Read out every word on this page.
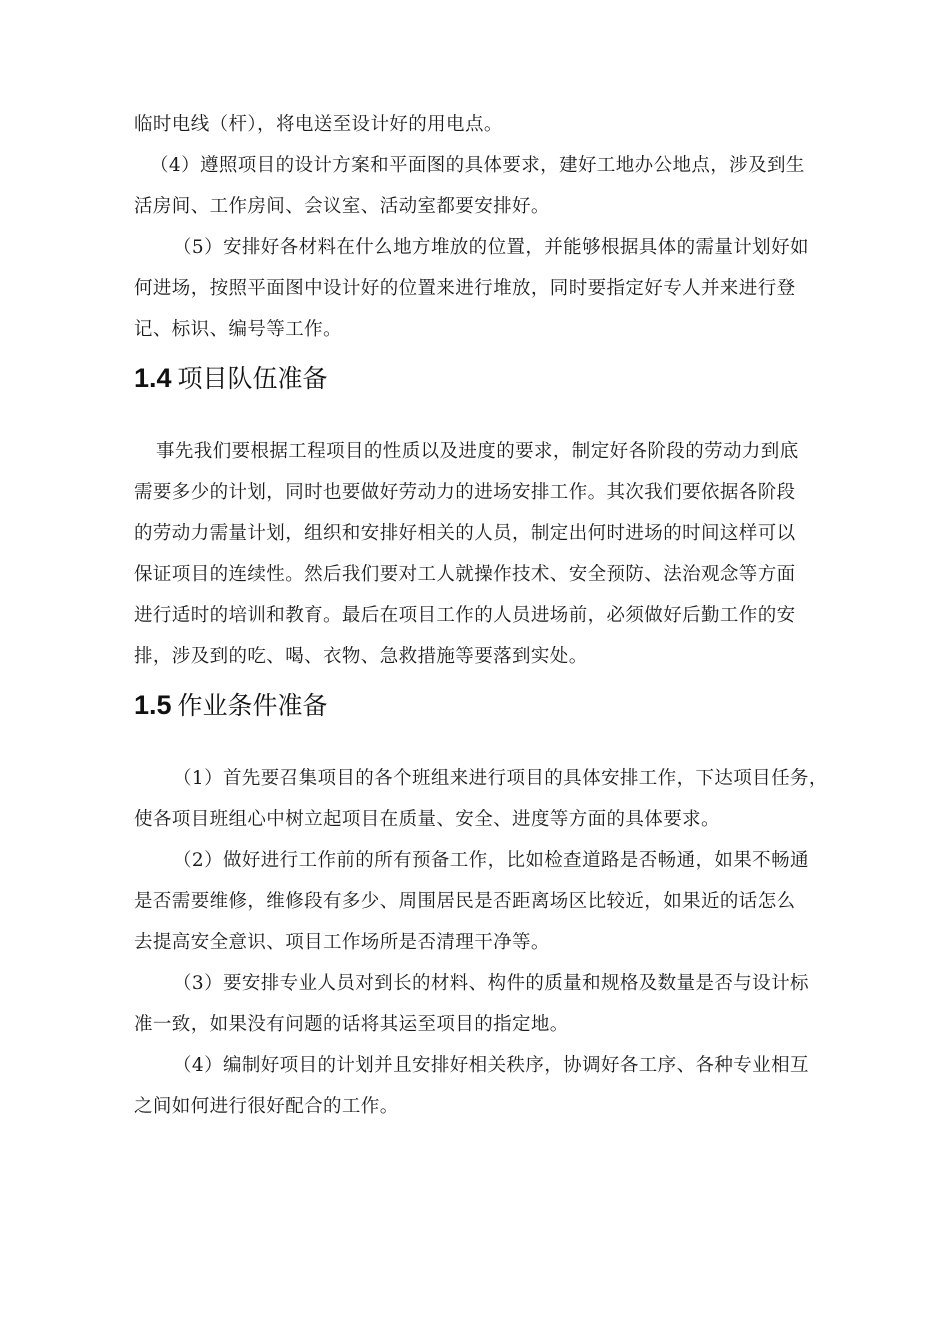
临时电线（杆），将电送至设计好的用电点。
（4）遵照项目的设计方案和平面图的具体要求，建好工地办公地点，涉及到生
活房间、工作房间、会议室、活动室都要安排好。
（5）安排好各材料在什么地方堆放的位置，并能够根据具体的需量计划好如
何进场，按照平面图中设计好的位置来进行堆放，同时要指定好专人并来进行登
记、标识、编号等工作。
1.4 项目队伍准备
事先我们要根据工程项目的性质以及进度的要求，制定好各阶段的劳动力到底
需要多少的计划，同时也要做好劳动力的进场安排工作。其次我们要依据各阶段
的劳动力需量计划，组织和安排好相关的人员，制定出何时进场的时间这样可以
保证项目的连续性。然后我们要对工人就操作技术、安全预防、法治观念等方面
进行适时的培训和教育。最后在项目工作的人员进场前，必须做好后勤工作的安
排，涉及到的吃、喝、衣物、急救措施等要落到实处。
1.5 作业条件准备
（1）首先要召集项目的各个班组来进行项目的具体安排工作，下达项目任务，
使各项目班组心中树立起项目在质量、安全、进度等方面的具体要求。
（2）做好进行工作前的所有预备工作，比如检查道路是否畅通，如果不畅通
是否需要维修，维修段有多少、周围居民是否距离场区比较近，如果近的话怎么
去提高安全意识、项目工作场所是否清理干净等。
（3）要安排专业人员对到长的材料、构件的质量和规格及数量是否与设计标
准一致，如果没有问题的话将其运至项目的指定地。
（4）编制好项目的计划并且安排好相关秩序，协调好各工序、各种专业相互
之间如何进行很好配合的工作。
